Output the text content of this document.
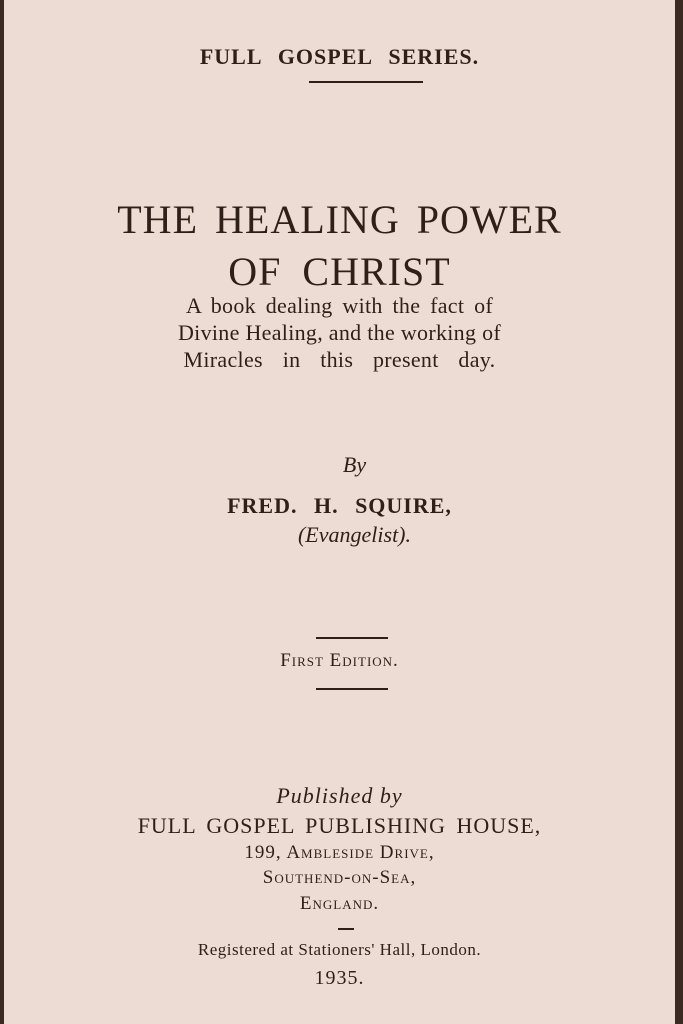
FULL GOSPEL SERIES.
THE HEALING POWER
OF CHRIST
A book dealing with the fact of
Divine Healing, and the working of
Miracles in this present day.
By
FRED. H. SQUIRE,
(Evangelist).
First Edition.
Published by
FULL GOSPEL PUBLISHING HOUSE,
199, Ambleside Drive,
Southend-on-Sea,
England.
Registered at Stationers' Hall, London.
1935.
